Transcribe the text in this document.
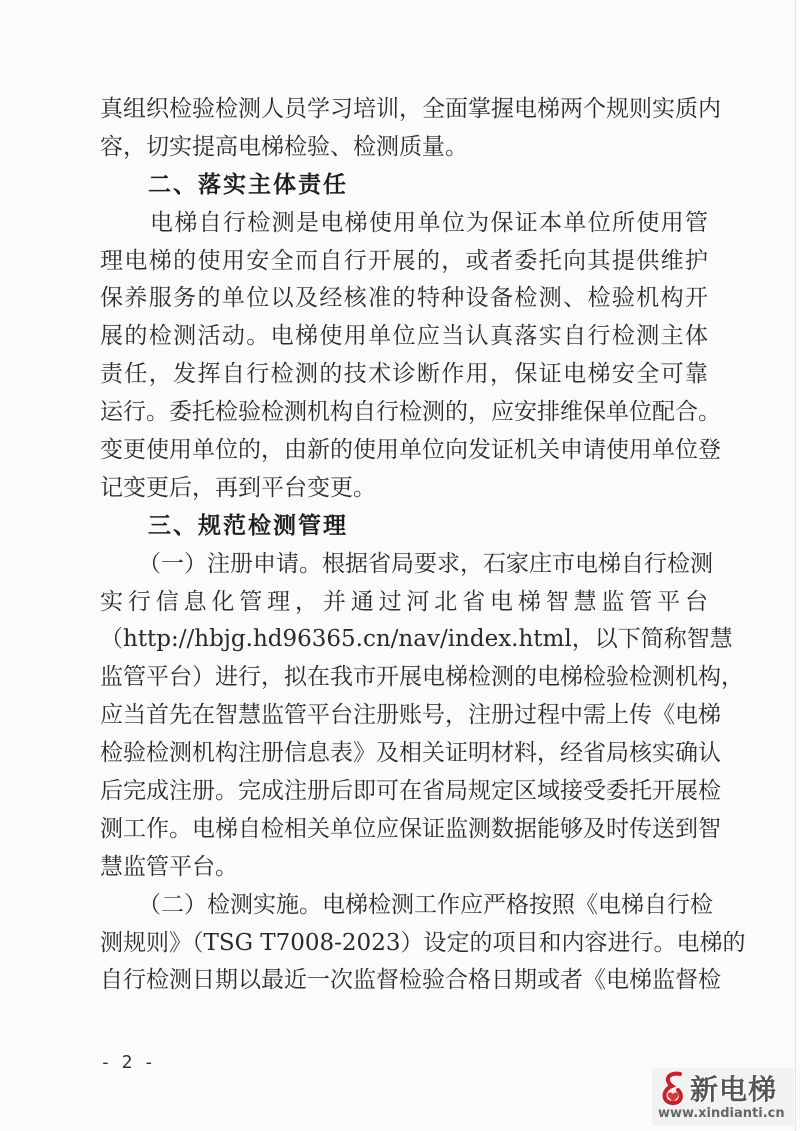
真组织检验检测人员学习培训，全面掌握电梯两个规则实质内
容，切实提高电梯检验、检测质量。
二、落实主体责任
电梯自行检测是电梯使用单位为保证本单位所使用管
理电梯的使用安全而自行开展的，或者委托向其提供维护
保养服务的单位以及经核准的特种设备检测、检验机构开
展的检测活动。电梯使用单位应当认真落实自行检测主体
责任，发挥自行检测的技术诊断作用，保证电梯安全可靠
运行。委托检验检测机构自行检测的，应安排维保单位配合。
变更使用单位的，由新的使用单位向发证机关申请使用单位登
记变更后，再到平台变更。
三、规范检测管理
（一）注册申请。根据省局要求，石家庄市电梯自行检测
实行信息化管理，并通过河北省电梯智慧监管平台
（http://hbjg.hd96365.cn/nav/index.html，以下简称智慧
监管平台）进行，拟在我市开展电梯检测的电梯检验检测机构，
应当首先在智慧监管平台注册账号，注册过程中需上传《电梯
检验检测机构注册信息表》及相关证明材料，经省局核实确认
后完成注册。完成注册后即可在省局规定区域接受委托开展检
测工作。电梯自检相关单位应保证监测数据能够及时传送到智
慧监管平台。
（二）检测实施。电梯检测工作应严格按照《电梯自行检
测规则》（TSG T7008-2023）设定的项目和内容进行。电梯的
自行检测日期以最近一次监督检验合格日期或者《电梯监督检
- 2 -
新电梯
www.xindianti.cn
